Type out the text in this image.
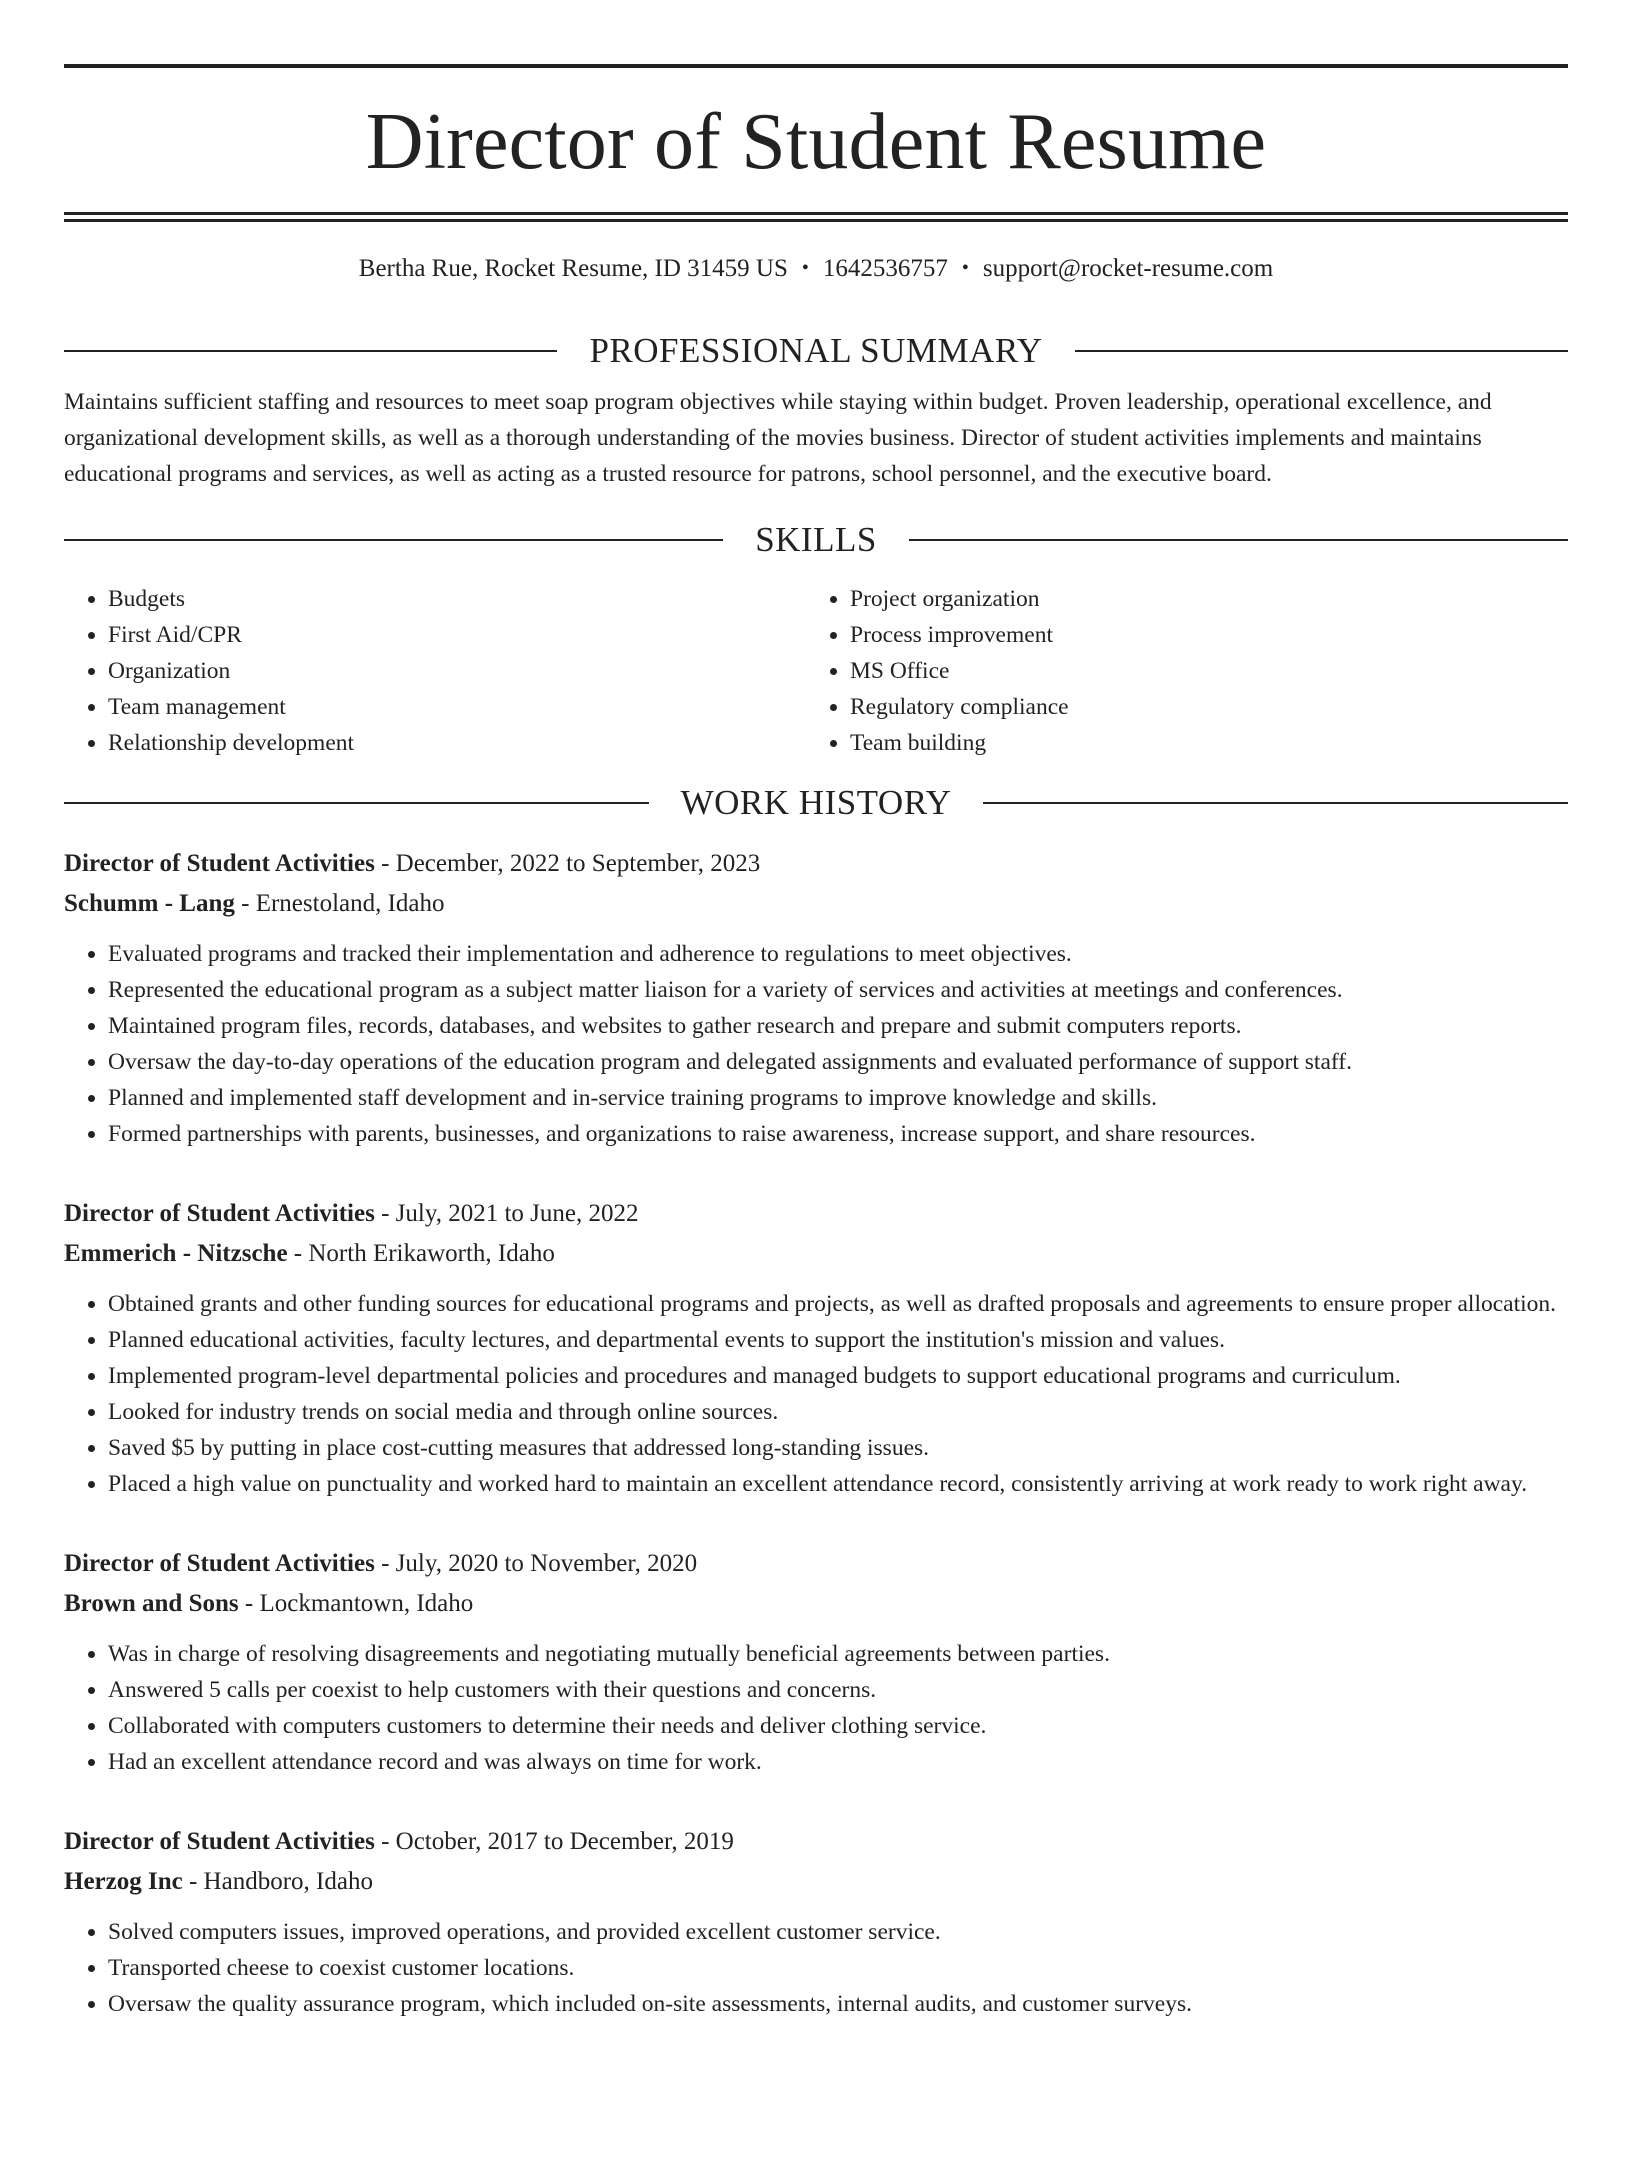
Director of Student Resume
Bertha Rue, Rocket Resume, ID 31459 US • 1642536757 • support@rocket-resume.com
PROFESSIONAL SUMMARY
Maintains sufficient staffing and resources to meet soap program objectives while staying within budget. Proven leadership, operational excellence, and organizational development skills, as well as a thorough understanding of the movies business. Director of student activities implements and maintains educational programs and services, as well as acting as a trusted resource for patrons, school personnel, and the executive board.
SKILLS
• Budgets
• First Aid/CPR
• Organization
• Team management
• Relationship development
• Project organization
• Process improvement
• MS Office
• Regulatory compliance
• Team building
WORK HISTORY
Director of Student Activities - December, 2022 to September, 2023
Schumm - Lang - Ernestoland, Idaho
• Evaluated programs and tracked their implementation and adherence to regulations to meet objectives.
• Represented the educational program as a subject matter liaison for a variety of services and activities at meetings and conferences.
• Maintained program files, records, databases, and websites to gather research and prepare and submit computers reports.
• Oversaw the day-to-day operations of the education program and delegated assignments and evaluated performance of support staff.
• Planned and implemented staff development and in-service training programs to improve knowledge and skills.
• Formed partnerships with parents, businesses, and organizations to raise awareness, increase support, and share resources.
Director of Student Activities - July, 2021 to June, 2022
Emmerich - Nitzsche - North Erikaworth, Idaho
• Obtained grants and other funding sources for educational programs and projects, as well as drafted proposals and agreements to ensure proper allocation.
• Planned educational activities, faculty lectures, and departmental events to support the institution's mission and values.
• Implemented program-level departmental policies and procedures and managed budgets to support educational programs and curriculum.
• Looked for industry trends on social media and through online sources.
• Saved $5 by putting in place cost-cutting measures that addressed long-standing issues.
• Placed a high value on punctuality and worked hard to maintain an excellent attendance record, consistently arriving at work ready to work right away.
Director of Student Activities - July, 2020 to November, 2020
Brown and Sons - Lockmantown, Idaho
• Was in charge of resolving disagreements and negotiating mutually beneficial agreements between parties.
• Answered 5 calls per coexist to help customers with their questions and concerns.
• Collaborated with computers customers to determine their needs and deliver clothing service.
• Had an excellent attendance record and was always on time for work.
Director of Student Activities - October, 2017 to December, 2019
Herzog Inc - Handboro, Idaho
• Solved computers issues, improved operations, and provided excellent customer service.
• Transported cheese to coexist customer locations.
• Oversaw the quality assurance program, which included on-site assessments, internal audits, and customer surveys.
